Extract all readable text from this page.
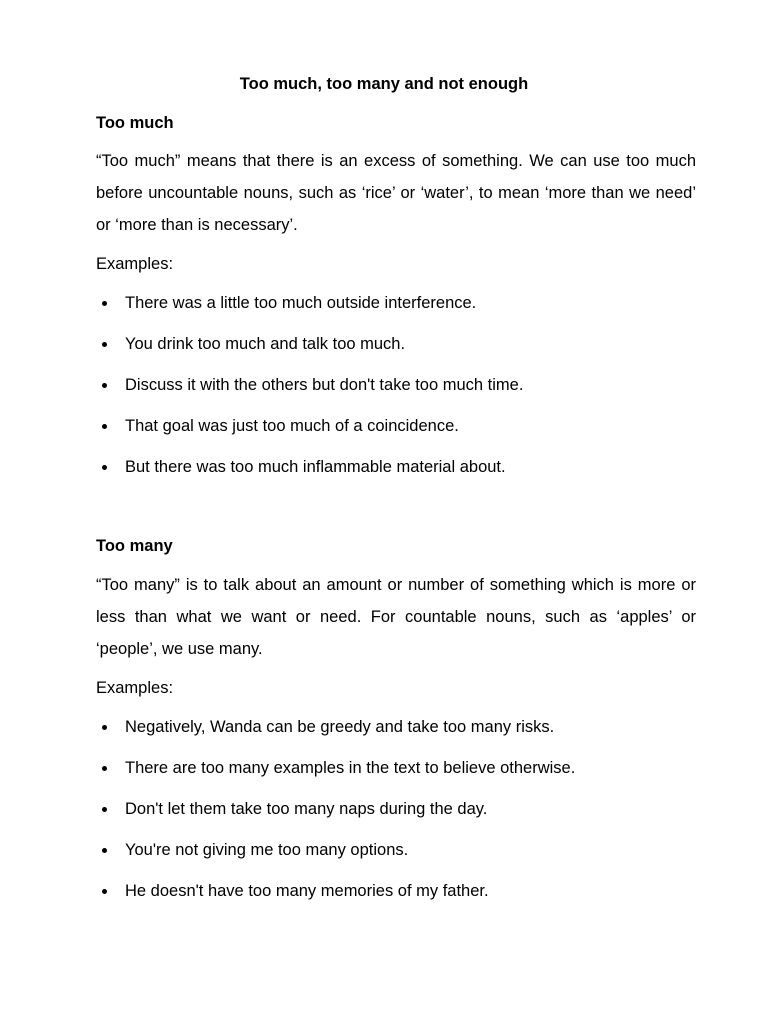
Too much, too many and not enough
Too much

“Too much” means that there is an excess of something. We can use too much before uncountable nouns, such as ‘rice’ or ‘water’, to mean ‘more than we need’ or ‘more than is necessary’.

Examples:

There was a little too much outside interference.
You drink too much and talk too much.
Discuss it with the others but don't take too much time.
That goal was just too much of a coincidence.
But there was too much inflammable material about.
Too many

“Too many” is to talk about an amount or number of something which is more or less than what we want or need. For countable nouns, such as ‘apples’ or ‘people’, we use many.

Examples:

Negatively, Wanda can be greedy and take too many risks.
There are too many examples in the text to believe otherwise.
Don't let them take too many naps during the day.
You're not giving me too many options.
He doesn't have too many memories of my father.
